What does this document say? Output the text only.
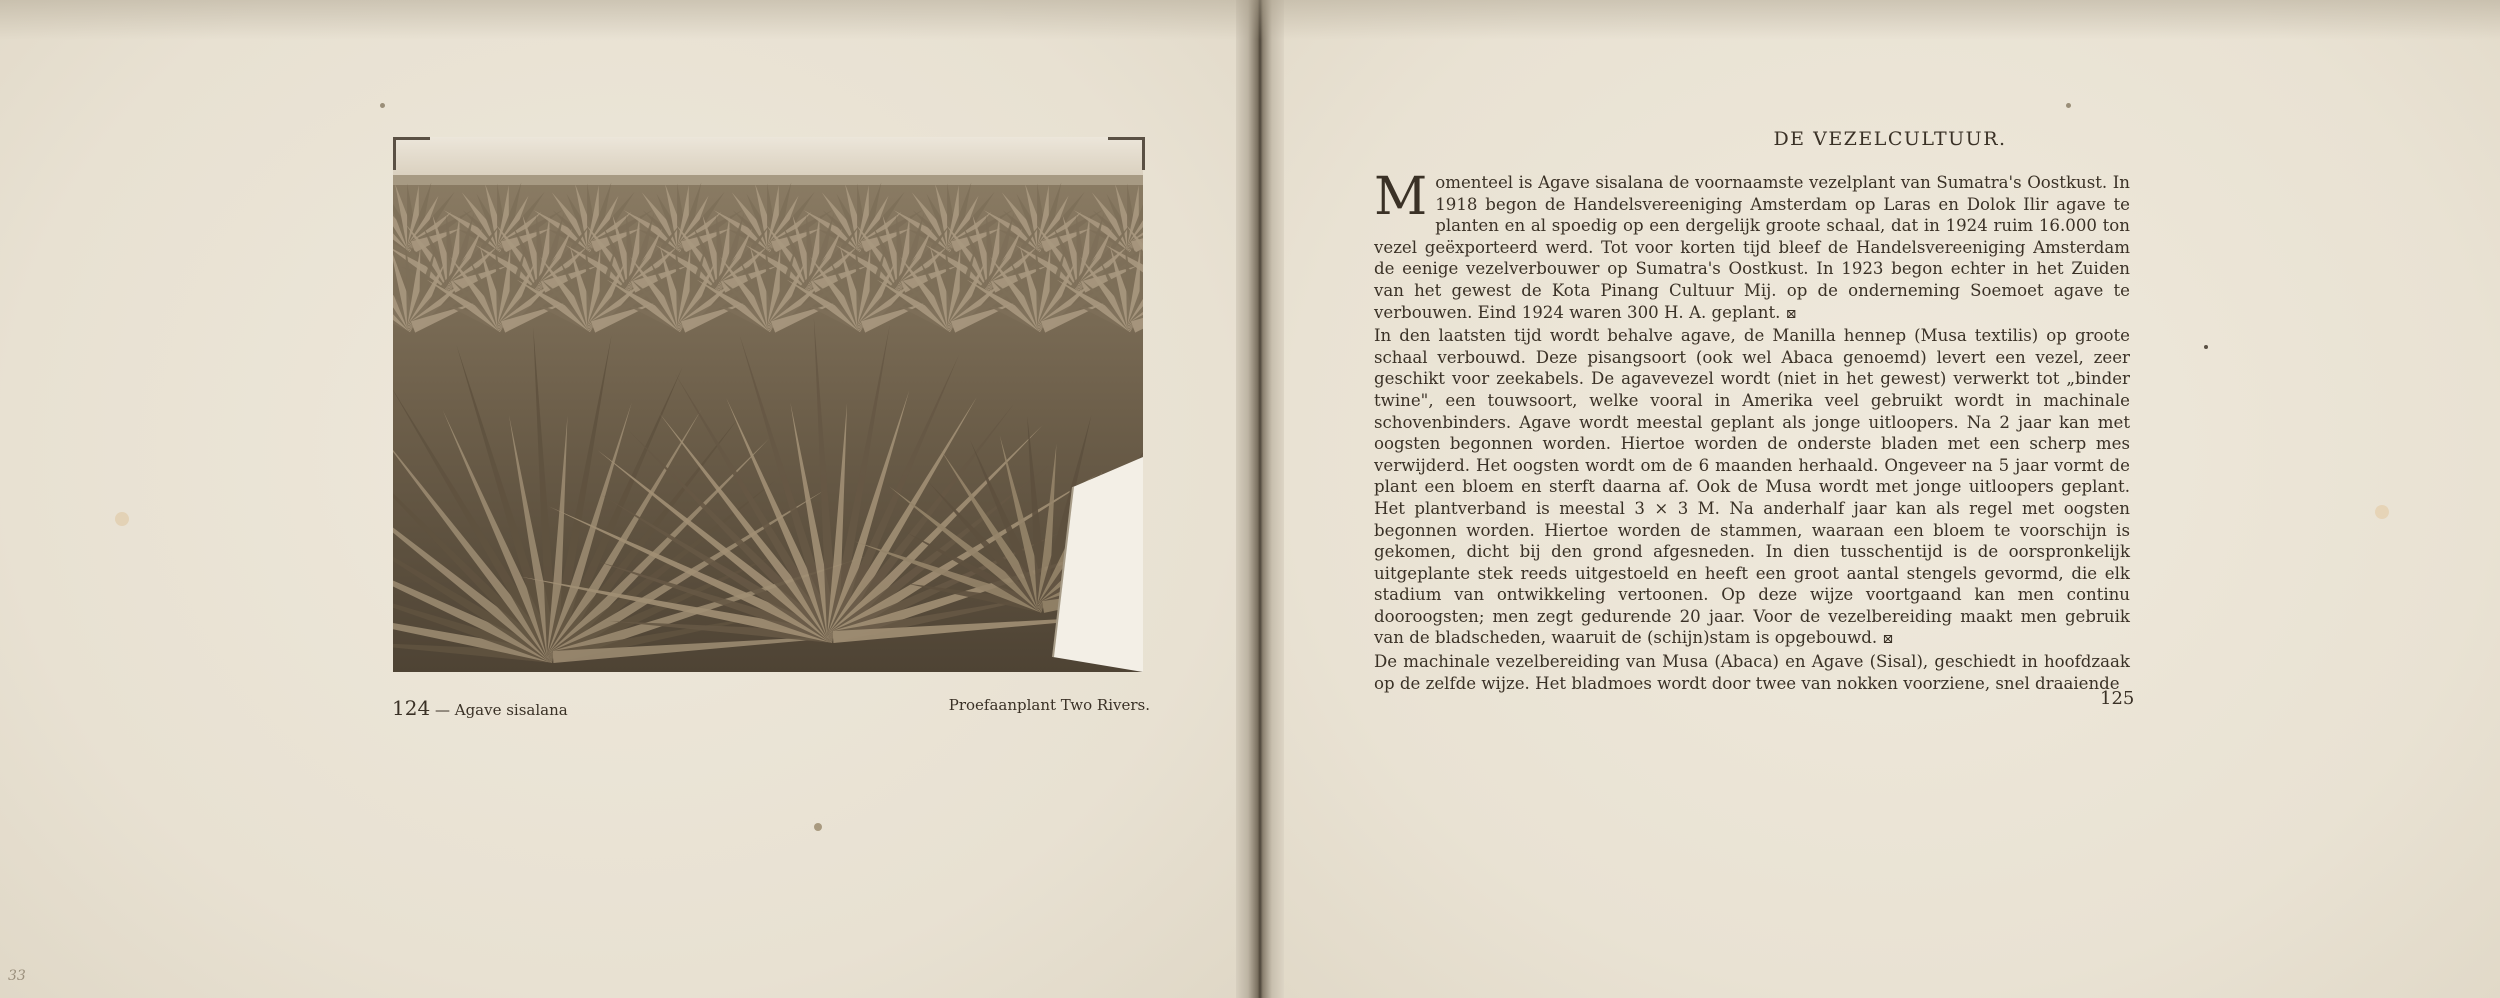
124 — Agave sisalana	Proefaanplant Two Rivers.
33
DE VEZELCULTUUR.

Momenteel is Agave sisalana de voornaamste vezelplant van Sumatra's Oostkust. In 1918 begon de Handelsvereeniging Amsterdam op Laras en Dolok Ilir agave te planten en al spoedig op een dergelijk groote schaal, dat in 1924 ruim 16.000 ton vezel geëxporteerd werd. Tot voor korten tijd bleef de Handelsvereeniging Amsterdam de eenige vezelverbouwer op Sumatra's Oostkust. In 1923 begon echter in het Zuiden van het gewest de Kota Pinang Cultuur Mij. op de onderneming Soemoet agave te verbouwen. Eind 1924 waren 300 H. A. geplant. ⊠

In den laatsten tijd wordt behalve agave, de Manilla hennep (Musa textilis) op groote schaal verbouwd. Deze pisangsoort (ook wel Abaca genoemd) levert een vezel, zeer geschikt voor zeekabels. De agavevezel wordt (niet in het gewest) verwerkt tot „binder twine", een touwsoort, welke vooral in Amerika veel gebruikt wordt in machinale schovenbinders. Agave wordt meestal geplant als jonge uitloopers. Na 2 jaar kan met oogsten begonnen worden. Hiertoe worden de onderste bladen met een scherp mes verwijderd. Het oogsten wordt om de 6 maanden herhaald. Ongeveer na 5 jaar vormt de plant een bloem en sterft daarna af. Ook de Musa wordt met jonge uitloopers geplant. Het plantverband is meestal 3 × 3 M. Na anderhalf jaar kan als regel met oogsten begonnen worden. Hiertoe worden de stammen, waaraan een bloem te voorschijn is gekomen, dicht bij den grond afgesneden. In dien tusschentijd is de oorspronkelijk uitgeplante stek reeds uitgestoeld en heeft een groot aantal stengels gevormd, die elk stadium van ontwikkeling vertoonen. Op deze wijze voortgaand kan men continu dooroogsten; men zegt gedurende 20 jaar. Voor de vezelbereiding maakt men gebruik van de bladscheden, waaruit de (schijn)stam is opgebouwd. ⊠

De machinale vezelbereiding van Musa (Abaca) en Agave (Sisal), geschiedt in hoofdzaak op de zelfde wijze. Het bladmoes wordt door twee van nokken voorziene, snel draaiende

125
